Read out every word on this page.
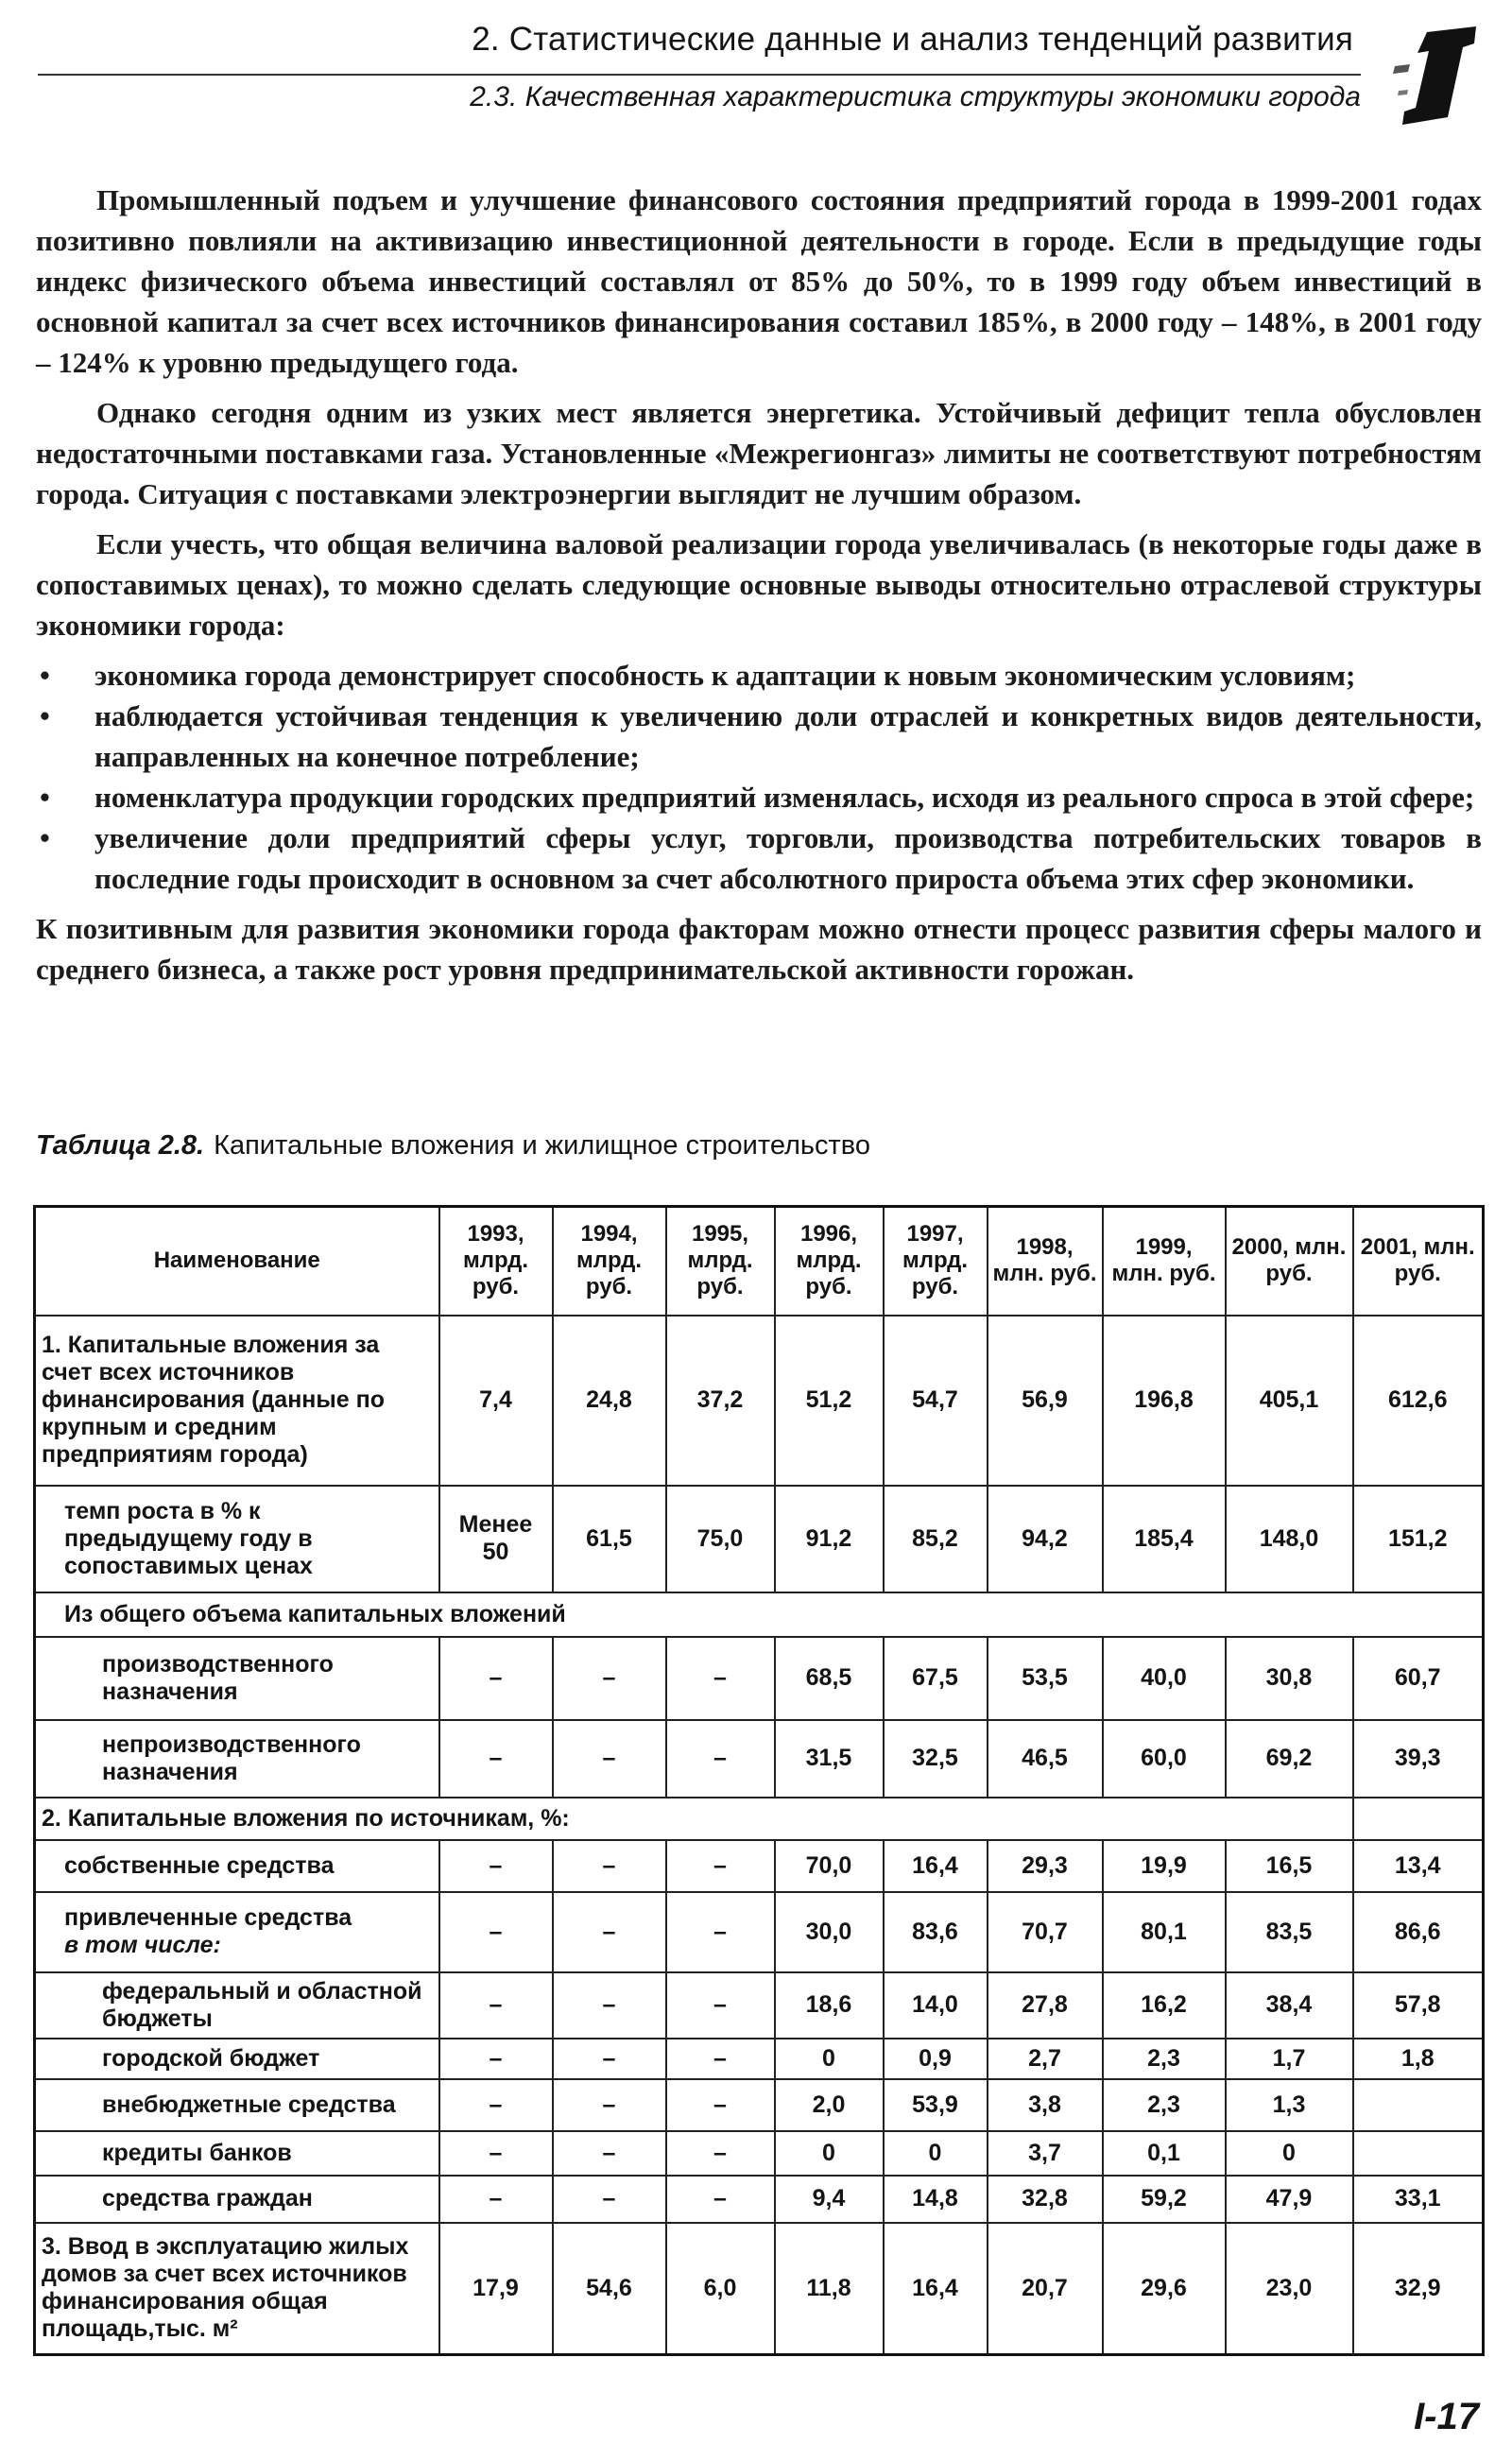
2. Статистические данные и анализ тенденций развития
2.3. Качественная характеристика структуры экономики города

Промышленный подъем и улучшение финансового состояния предприятий города в 1999-2001 годах позитивно повлияли на активизацию инвестиционной деятельности в городе. Если в предыдущие годы индекс физического объема инвестиций составлял от 85% до 50%, то в 1999 году объем инвестиций в основной капитал за счет всех источников финансирования составил 185%, в 2000 году – 148%, в 2001 году – 124% к уровню предыдущего года.

Однако сегодня одним из узких мест является энергетика. Устойчивый дефицит тепла обусловлен недостаточными поставками газа. Установленные «Межрегионгаз» лимиты не соответствуют потребностям города. Ситуация с поставками электроэнергии выглядит не лучшим образом.

Если учесть, что общая величина валовой реализации города увеличивалась (в некоторые годы даже в сопоставимых ценах), то можно сделать следующие основные выводы относительно отраслевой структуры экономики города:

•	экономика города демонстрирует способность к адаптации к новым экономическим условиям;
•	наблюдается устойчивая тенденция к увеличению доли отраслей и конкретных видов деятельности, направленных на конечное потребление;
•	номенклатура продукции городских предприятий изменялась, исходя из реального спроса в этой сфере;
•	увеличение доли предприятий сферы услуг, торговли, производства потребительских товаров в последние годы происходит в основном за счет абсолютного прироста объема этих сфер экономики.

К позитивным для развития экономики города факторам можно отнести процесс развития сферы малого и среднего бизнеса, а также рост уровня предпринимательской активности горожан.

Таблица 2.8. Капитальные вложения и жилищное строительство
Наименование	1993, млрд. руб.	1994, млрд. руб.	1995, млрд. руб.	1996, млрд. руб.	1997, млрд. руб.	1998, млн. руб.	1999, млн. руб.	2000, млн. руб.	2001, млн. руб.
1. Капитальные вложения за счет всех источников финансирования (данные по крупным и средним предприятиям города)	7,4	24,8	37,2	51,2	54,7	56,9	196,8	405,1	612,6
темп роста в % к предыдущему году в сопоставимых ценах	Менее 50	61,5	75,0	91,2	85,2	94,2	185,4	148,0	151,2
Из общего объема капитальных вложений									
производственного назначения	–	–	–	68,5	67,5	53,5	40,0	30,8	60,7
непроизводственного назначения	–	–	–	31,5	32,5	46,5	60,0	69,2	39,3
2. Капитальные вложения по источникам, %:									
собственные средства	–	–	–	70,0	16,4	29,3	19,9	16,5	13,4
привлеченные средства
в том числе:	–	–	–	30,0	83,6	70,7	80,1	83,5	86,6
федеральный и областной бюджеты	–	–	–	18,6	14,0	27,8	16,2	38,4	57,8
городской бюджет	–	–	–	0	0,9	2,7	2,3	1,7	1,8
внебюджетные средства	–	–	–	2,0	53,9	3,8	2,3	1,3	
кредиты банков	–	–	–	0	0	3,7	0,1	0	
средства граждан	–	–	–	9,4	14,8	32,8	59,2	47,9	33,1
3. Ввод в эксплуатацию жилых домов за счет всех источников финансирования общая площадь,тыс. м²	17,9	54,6	6,0	11,8	16,4	20,7	29,6	23,0	32,9
I-17
